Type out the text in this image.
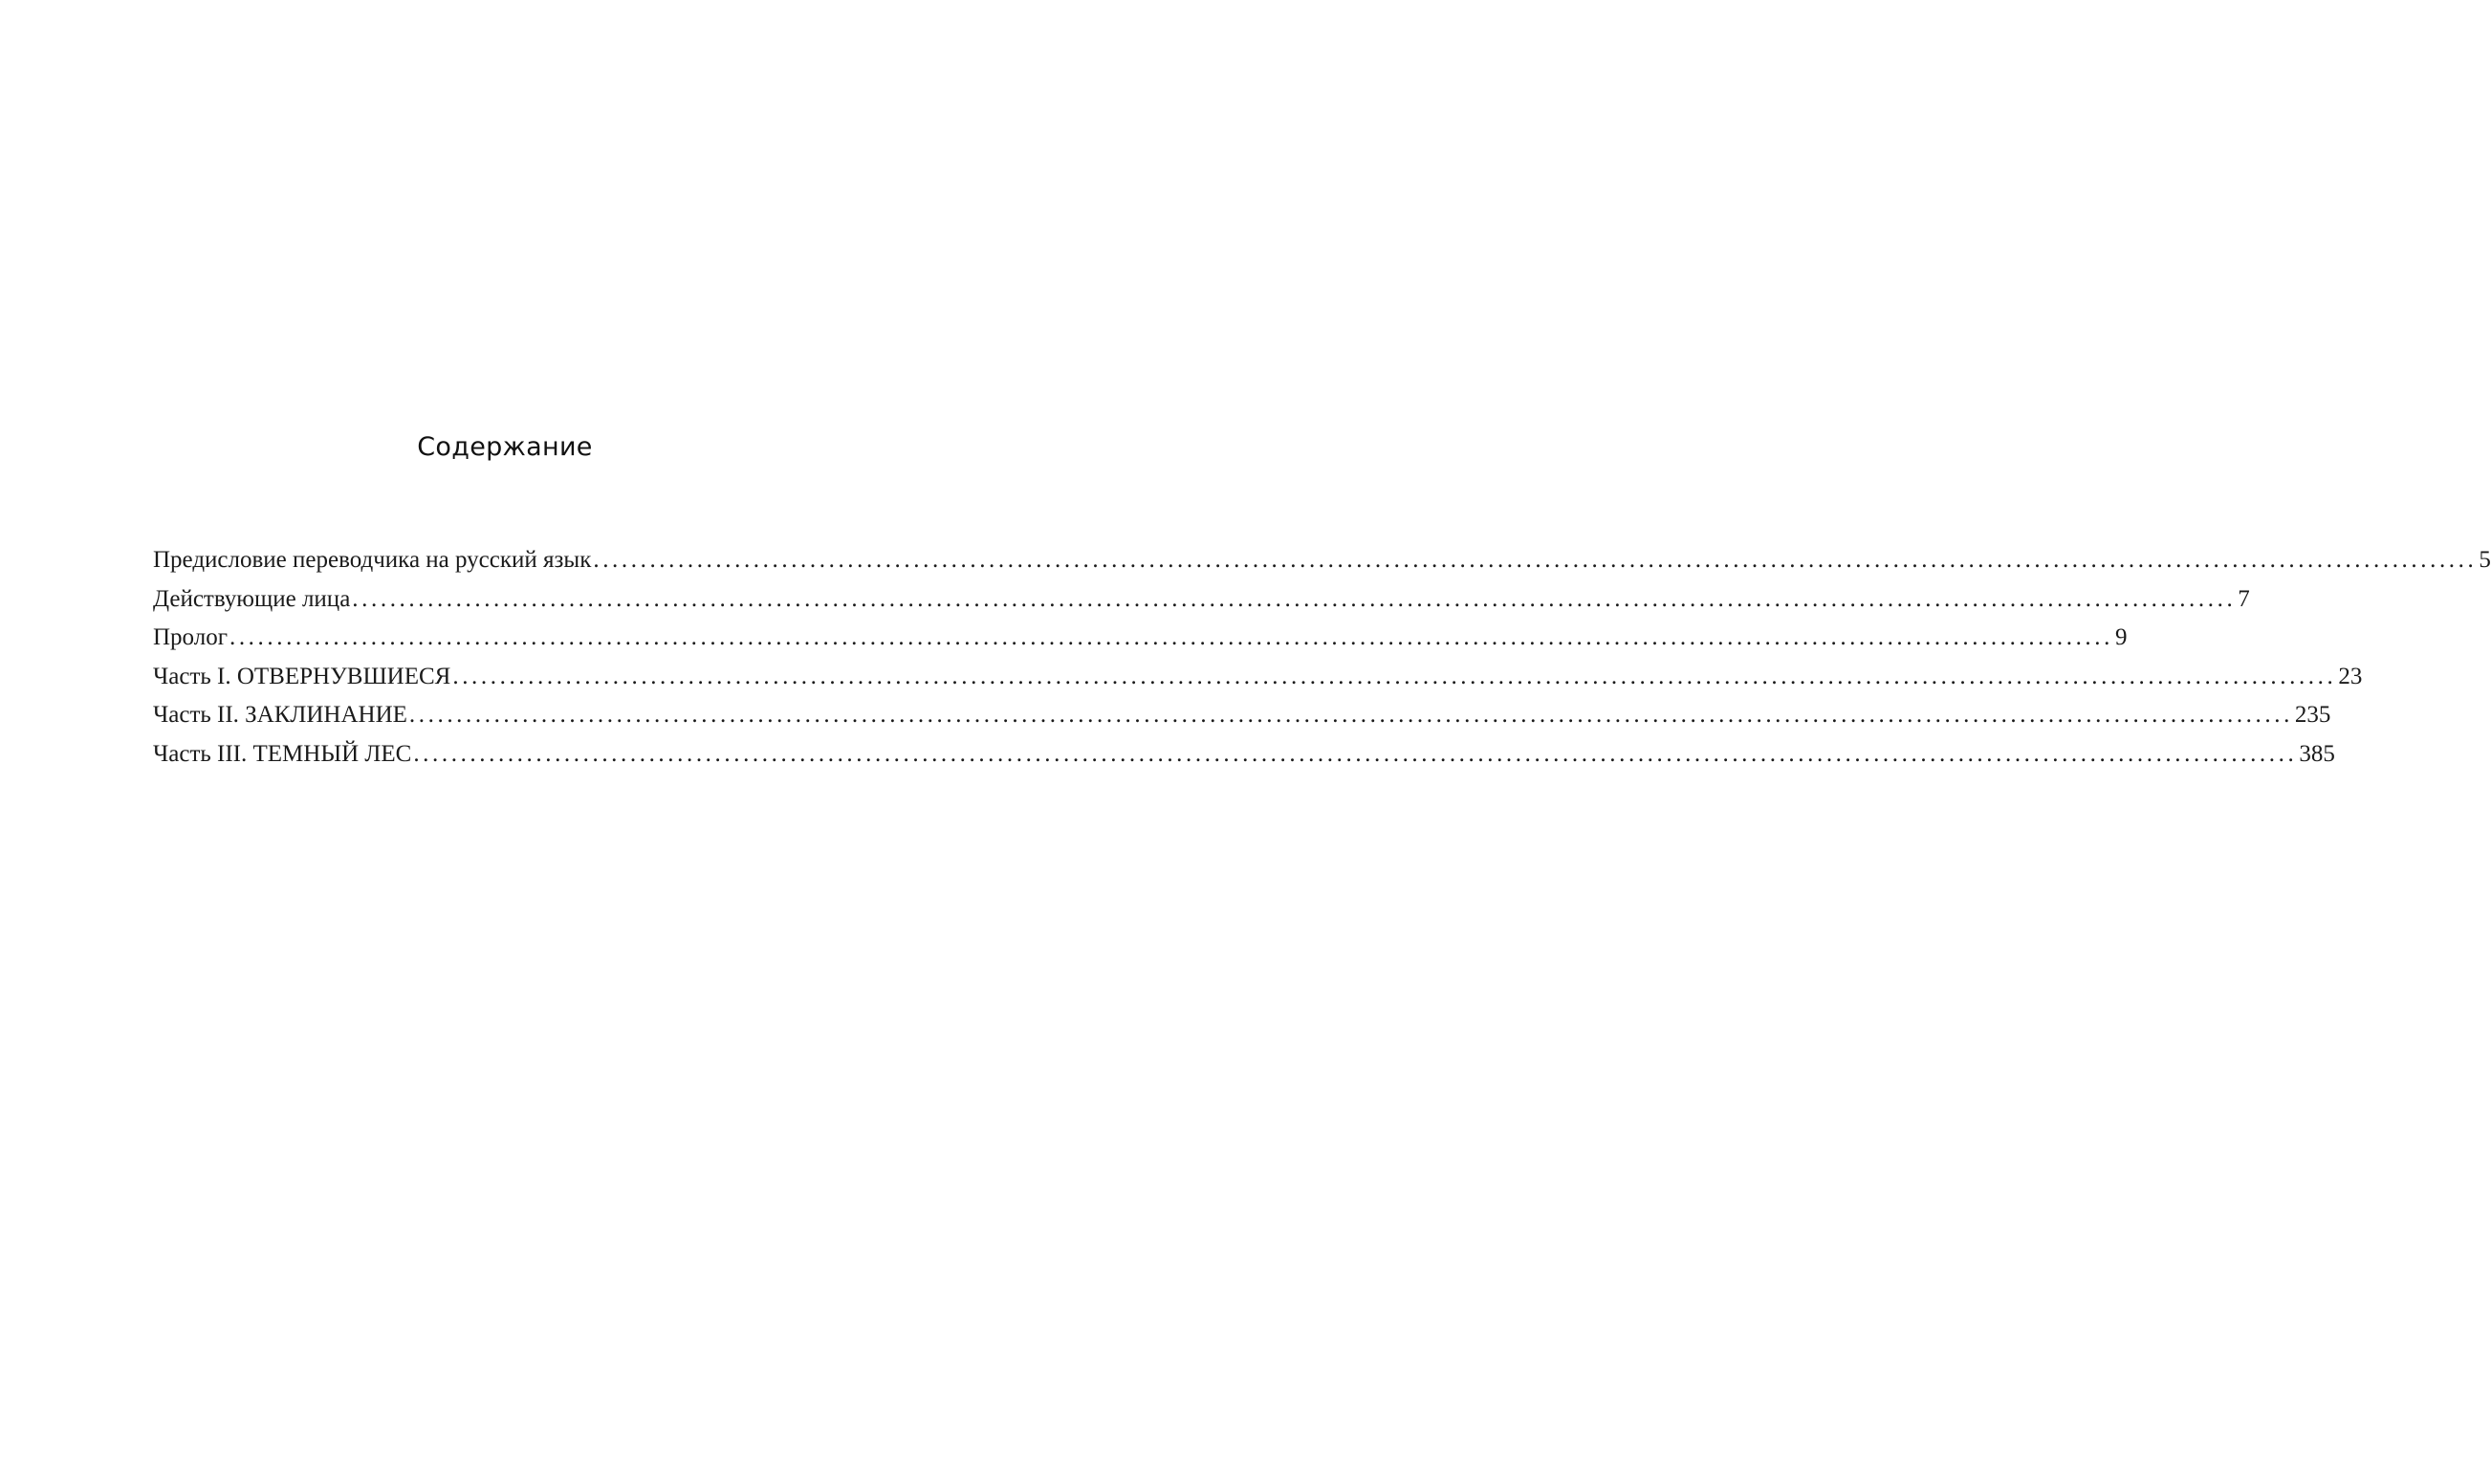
Содержание
Предисловие переводчика на русский язык ........................................................................................................................................................................................................ 5
Действующие лица ........................................................................................................................................................................................................ 7
Пролог ........................................................................................................................................................................................................ 9
Часть I. ОТВЕРНУВШИЕСЯ ........................................................................................................................................................................................................ 23
Часть II. ЗАКЛИНАНИЕ ........................................................................................................................................................................................................ 235
Часть III. ТЕМНЫЙ ЛЕС ........................................................................................................................................................................................................ 385
